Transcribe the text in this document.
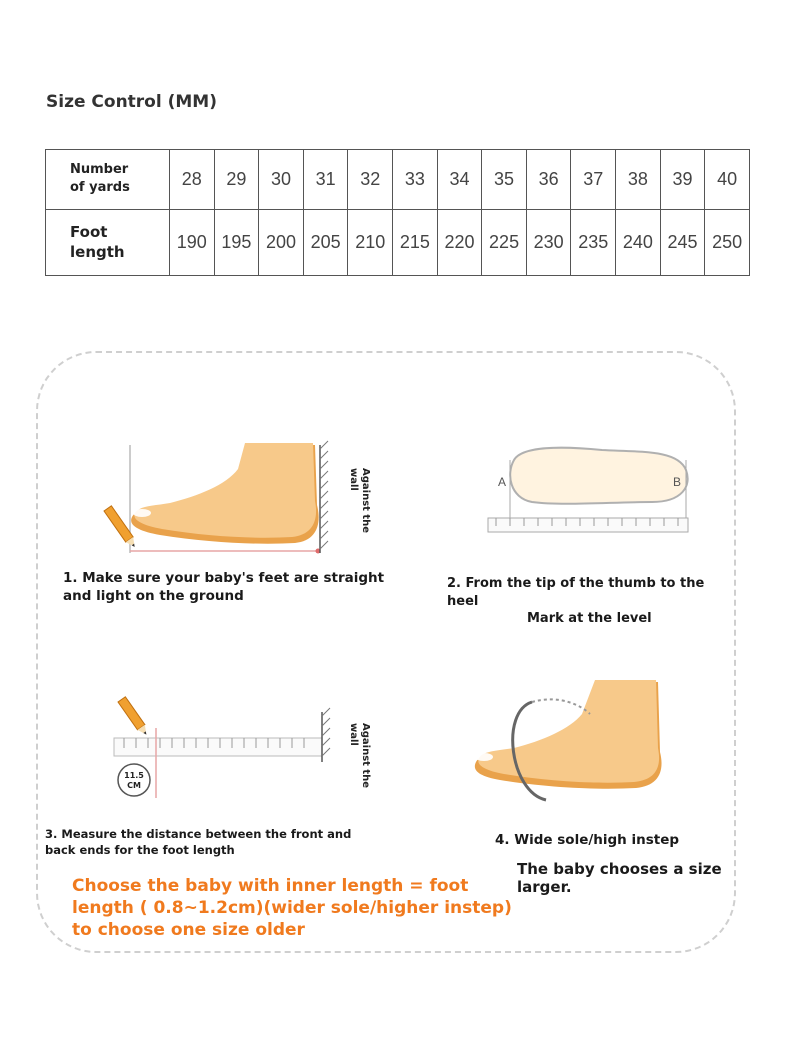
Size Control (MM)
Number
of yards	28	29	30	31	32	33	34	35	36	37	38	39	40
Foot
length	190	195	200	205	210	215	220	225	230	235	240	245	250
Against the wall	A	B
1. Make sure your baby's feet are straight and light on the ground
2. From the tip of the thumb to the heel
Mark at the level
11.5
CM	Against the wall
3. Measure the distance between the front and back ends for the foot length
4. Wide sole/high instep
The baby chooses a size larger.
Choose the baby with inner length = foot length ( 0.8~1.2cm)(wider sole/higher instep) to choose one size older
